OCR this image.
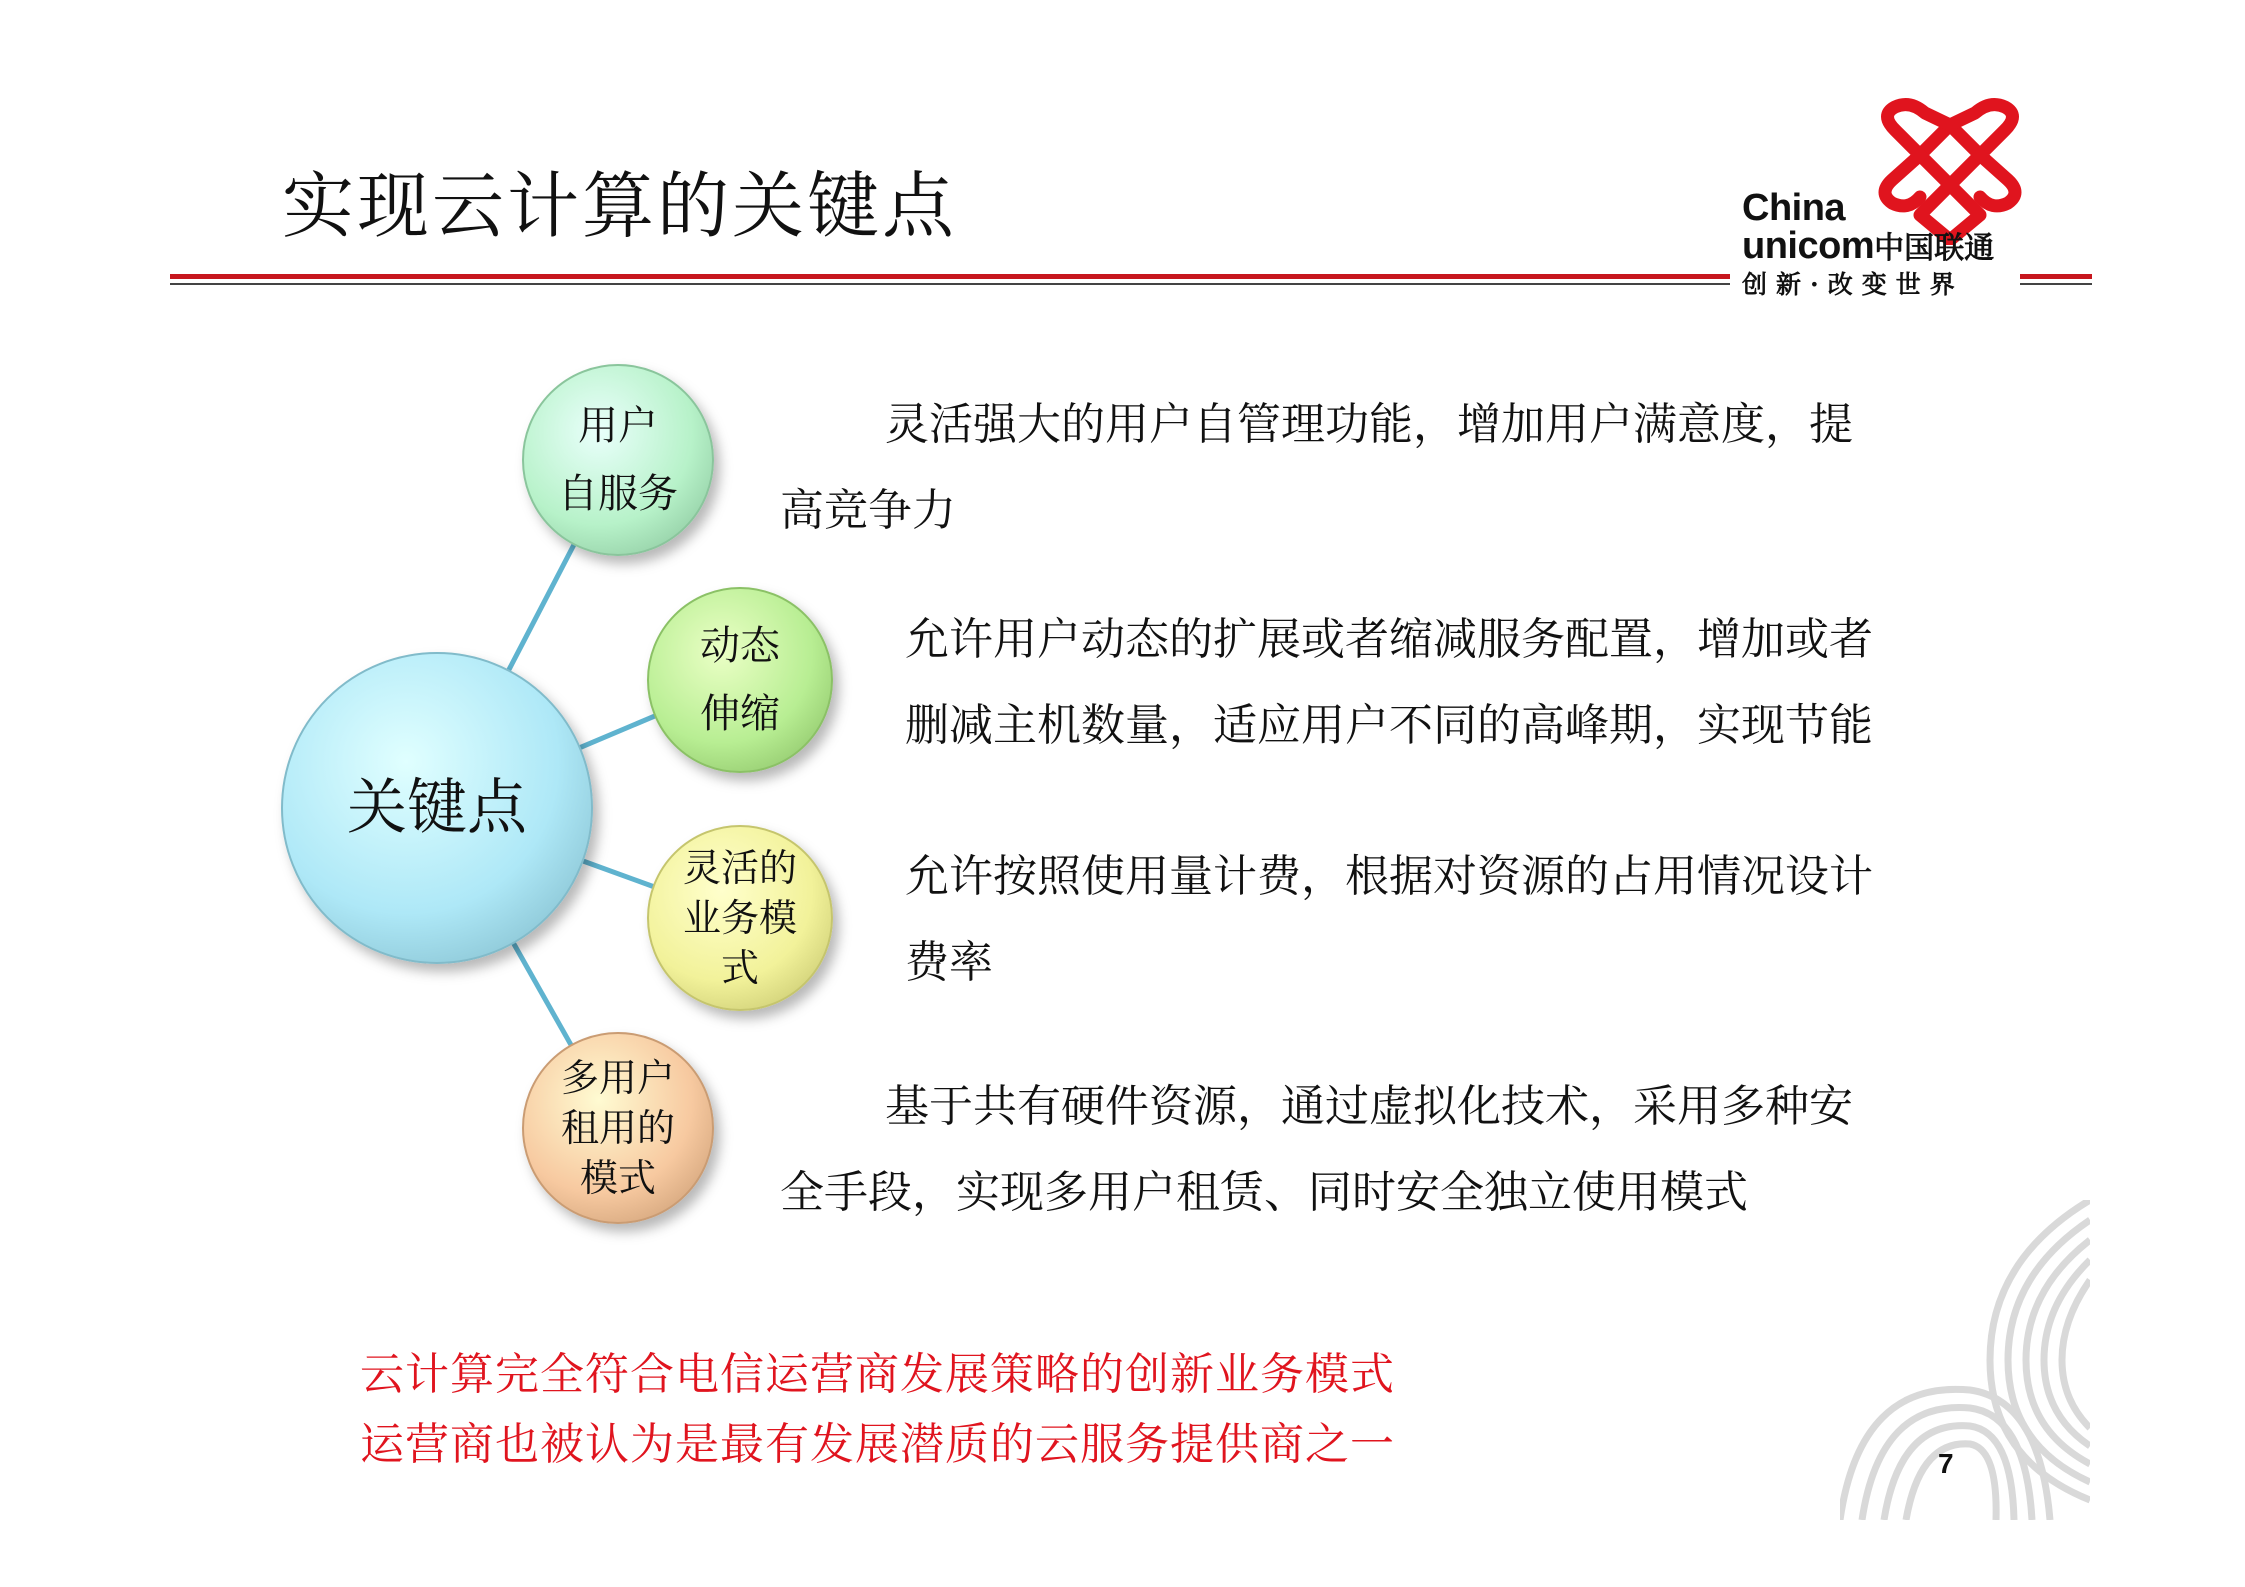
实现云计算的关键点	China
unicom中国联通
创新·改变世界
关键点
用户
自服务
动态
伸缩
灵活的
业务模
式
多用户
租用的
模式
灵活强大的用户自管理功能，增加用户满意度，提
高竞争力
允许用户动态的扩展或者缩减服务配置，增加或者
删减主机数量，适应用户不同的高峰期，实现节能
允许按照使用量计费，根据对资源的占用情况设计
费率
基于共有硬件资源，通过虚拟化技术，采用多种安
全手段，实现多用户租赁、同时安全独立使用模式
云计算完全符合电信运营商发展策略的创新业务模式
运营商也被认为是最有发展潜质的云服务提供商之一	7
